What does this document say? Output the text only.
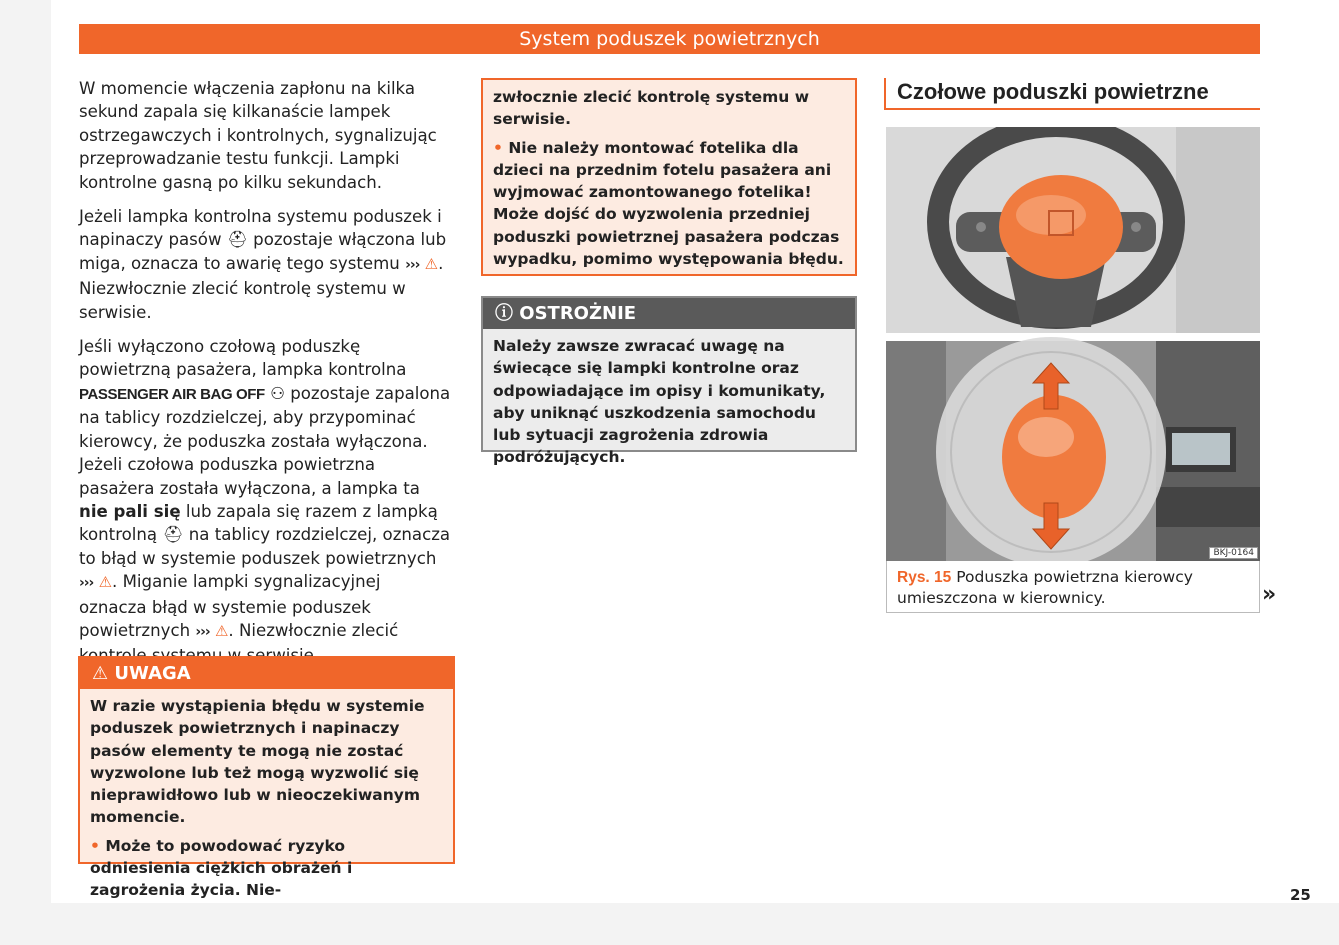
System poduszek powietrznych

W momencie włączenia zapłonu na kilka sekund zapala się kilkanaście lampek ostrzegawczych i kontrolnych, sygnalizując przeprowadzanie testu funkcji. Lampki kontrolne gasną po kilku sekundach.

Jeżeli lampka kontrolna systemu poduszek i napinaczy pasów ⛑ pozostaje włączona lub miga, oznacza to awarię tego systemu ››› ⚠. Niezwłocznie zlecić kontrolę systemu w serwisie.

Jeśli wyłączono czołową poduszkę powietrzną pasażera, lampka kontrolna PASSENGER AIR BAG OFF ⚇ pozostaje zapalona na tablicy rozdzielczej, aby przypominać kierowcy, że poduszka została wyłączona. Jeżeli czołowa poduszka powietrzna pasażera została wyłączona, a lampka ta nie pali się lub zapala się razem z lampką kontrolną ⛑ na tablicy rozdzielczej, oznacza to błąd w systemie poduszek powietrznych ››› ⚠. Miganie lampki sygnalizacyjnej oznacza błąd w systemie poduszek powietrznych ››› ⚠. Niezwłocznie zlecić

⚠ UWAGA

W razie wystąpienia błędu w systemie poduszek powietrznych i napinaczy pasów elementy te mogą nie zostać wyzwolone lub też mogą wyzwolić się nieprawidłowo lub w nieoczekiwanym momencie.

• Może to powodować ryzyko odniesienia ciężkich obrażeń i zagrożenia życia. Nie-

zwłocznie zlecić kontrolę systemu w serwisie.

• Nie należy montować fotelika dla dzieci na przednim fotelu pasażera ani wyjmować zamontowanego fotelika! Może dojść do wyzwolenia przedniej poduszki powietrznej pasażera podczas wypadku, pomimo występowania błędu.

ⓘ OSTROŻNIE

Należy zawsze zwracać uwagę na świecące się lampki kontrolne oraz odpowiadające im opisy i komunikaty, aby uniknąć uszkodzenia samochodu lub sytuacji zagrożenia zdrowia podróżujących.

Czołowe poduszki powietrzne
BKJ-0164
Rys. 15 Poduszka powietrzna kierowcy umieszczona w kierownicy.	»
25
